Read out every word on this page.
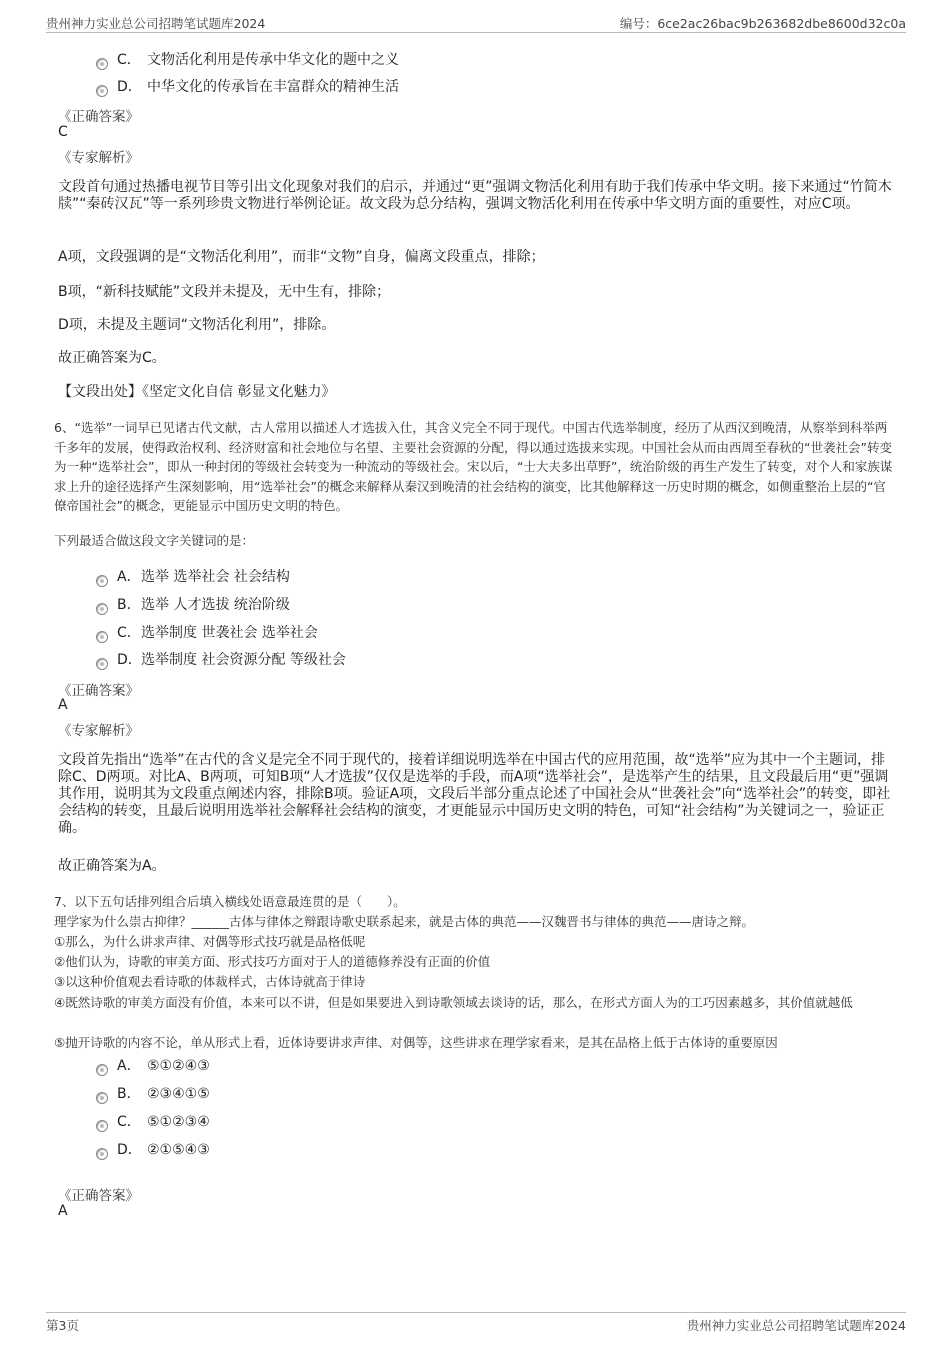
贵州神力实业总公司招聘笔试题库2024	编号：6ce2ac26bac9b263682dbe8600d32c0a
C． 文物活化利用是传承中华文化的题中之义
D． 中华文化的传承旨在丰富群众的精神生活
《正确答案》
C
《专家解析》
文段首句通过热播电视节目等引出文化现象对我们的启示，并通过“更”强调文物活化利用有助于我们传承中华文明。接下来通过“竹简木牍”“秦砖汉瓦”等一系列珍贵文物进行举例论证。故文段为总分结构，强调文物活化利用在传承中华文明方面的重要性，对应C项。
A项，文段强调的是“文物活化利用”，而非“文物”自身，偏离文段重点，排除；
B项，“新科技赋能”文段并未提及，无中生有，排除；
D项，未提及主题词“文物活化利用”，排除。
故正确答案为C。
【文段出处】《坚定文化自信 彰显文化魅力》
6、“选举”一词早已见诸古代文献，古人常用以描述人才选拔入仕，其含义完全不同于现代。中国古代选举制度，经历了从西汉到晚清，从察举到科举两千多年的发展，使得政治权利、经济财富和社会地位与名望、主要社会资源的分配，得以通过选拔来实现。中国社会从而由西周至春秋的“世袭社会”转变为一种“选举社会”，即从一种封闭的等级社会转变为一种流动的等级社会。宋以后，“士大夫多出草野”，统治阶级的再生产发生了转变，对个人和家族谋求上升的途径选择产生深刻影响，用“选举社会”的概念来解释从秦汉到晚清的社会结构的演变，比其他解释这一历史时期的概念，如侧重整治上层的“官僚帝国社会”的概念，更能显示中国历史文明的特色。
下列最适合做这段文字关键词的是：
A．选举 选举社会 社会结构
B．选举 人才选拔 统治阶级
C．选举制度 世袭社会 选举社会
D．选举制度 社会资源分配 等级社会
《正确答案》
A
《专家解析》
文段首先指出“选举”在古代的含义是完全不同于现代的，接着详细说明选举在中国古代的应用范围，故“选举”应为其中一个主题词，排除C、D两项。对比A、B两项，可知B项“人才选拔”仅仅是选举的手段，而A项“选举社会”，是选举产生的结果，且文段最后用“更”强调其作用，说明其为文段重点阐述内容，排除B项。验证A项，文段后半部分重点论述了中国社会从“世袭社会”向“选举社会”的转变，即社会结构的转变，且最后说明用选举社会解释社会结构的演变，才更能显示中国历史文明的特色，可知“社会结构”为关键词之一，验证正确。
故正确答案为A。
7、以下五句话排列组合后填入横线处语意最连贯的是（　　）。
理学家为什么崇古抑律？______古体与律体之辩跟诗歌史联系起来，就是古体的典范——汉魏晋书与律体的典范——唐诗之辩。
①那么，为什么讲求声律、对偶等形式技巧就是品格低呢
②他们认为，诗歌的审美方面、形式技巧方面对于人的道德修养没有正面的价值
③以这种价值观去看诗歌的体裁样式，古体诗就高于律诗
④既然诗歌的审美方面没有价值，本来可以不讲，但是如果要进入到诗歌领域去谈诗的话，那么，在形式方面人为的工巧因素越多，其价值就越低
⑤抛开诗歌的内容不论，单从形式上看，近体诗要讲求声律、对偶等，这些讲求在理学家看来，是其在品格上低于古体诗的重要原因
A． ⑤①②④③
B． ②③④①⑤
C． ⑤①②③④
D． ②①⑤④③
《正确答案》
A
第3页	贵州神力实业总公司招聘笔试题库2024
